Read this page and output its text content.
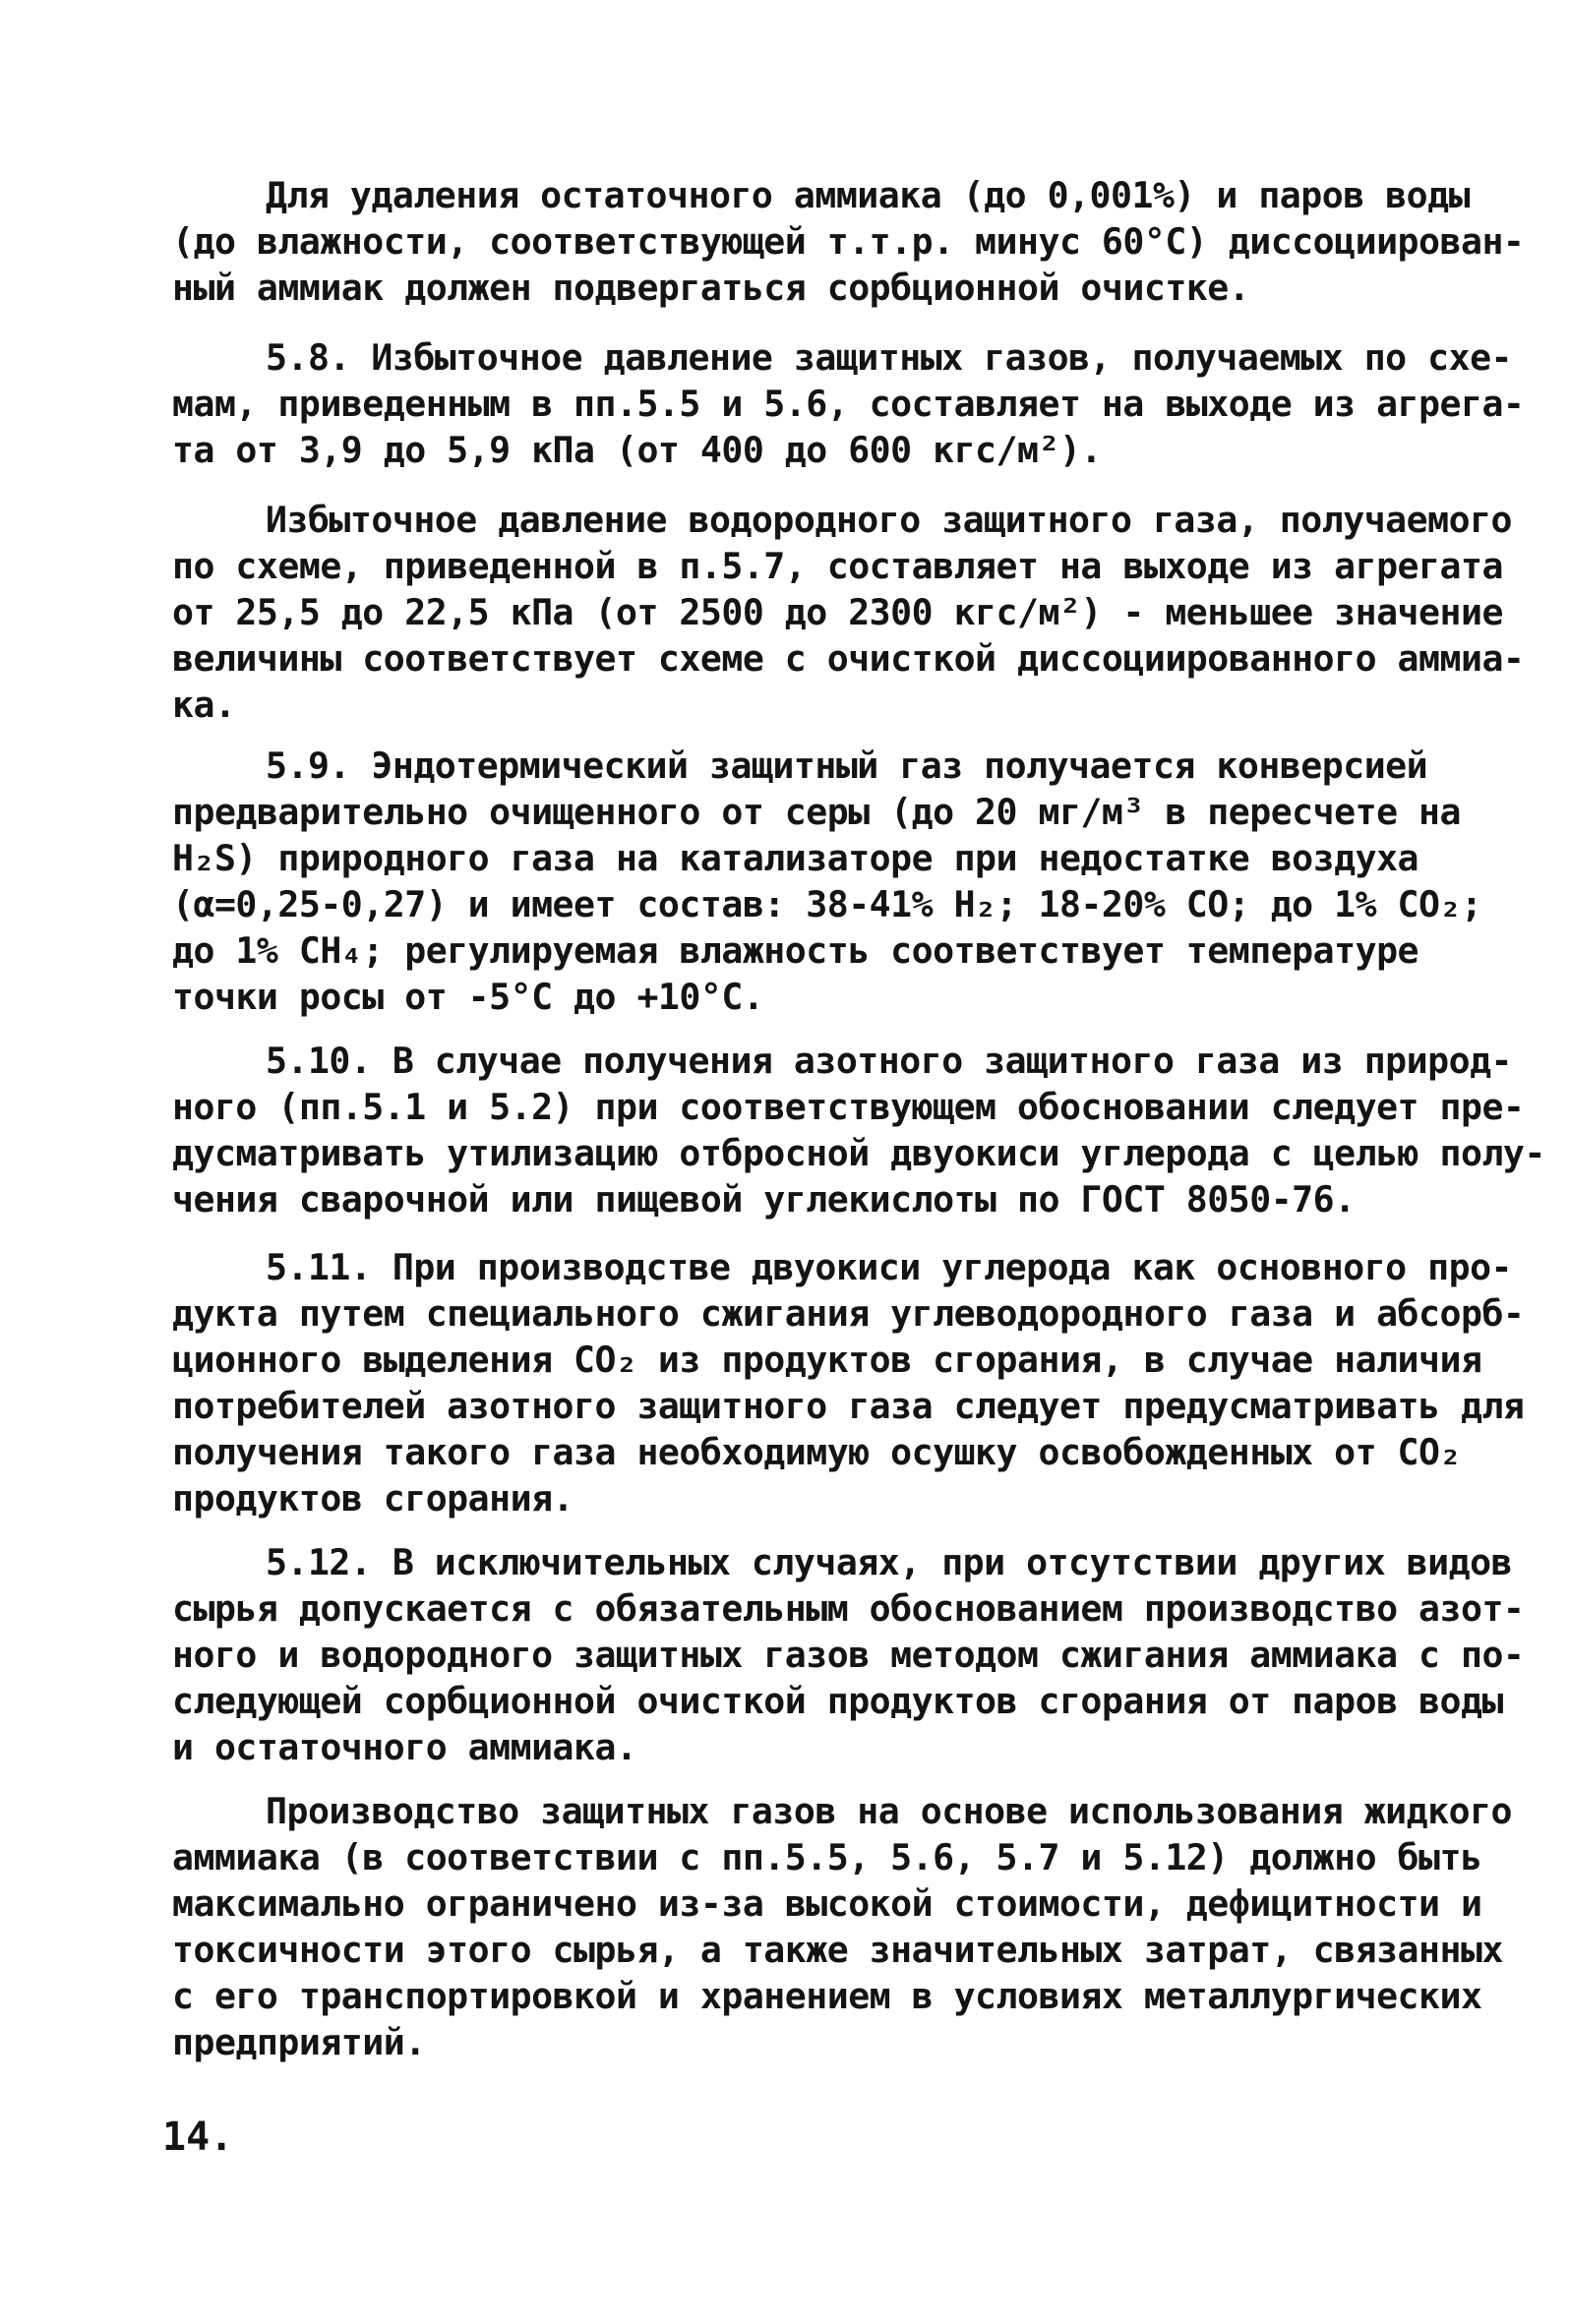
Для удаления остаточного аммиака (до 0,001%) и паров воды
(до влажности, соответствующей т.т.р. минус 60°С) диссоциирован-
ный аммиак должен подвергаться сорбционной очистке.
5.8. Избыточное давление защитных газов, получаемых по схе-
мам, приведенным в пп.5.5 и 5.6, составляет на выходе из агрега-
та от 3,9 до 5,9 кПа (от 400 до 600 кгс/м²).
Избыточное давление водородного защитного газа, получаемого
по схеме, приведенной в п.5.7, составляет на выходе из агрегата
от 25,5 до 22,5 кПа (от 2500 до 2300 кгс/м²) - меньшее значение
величины соответствует схеме с очисткой диссоциированного аммиа-
ка.
5.9. Эндотермический защитный газ получается конверсией
предварительно очищенного от серы (до 20 мг/м³ в пересчете на
H₂S) природного газа на катализаторе при недостатке воздуха
(α=0,25-0,27) и имеет состав: 38-41% H₂; 18-20% CO; до 1% CO₂;
до 1% CH₄; регулируемая влажность соответствует температуре
точки росы от -5°С до +10°С.
5.10. В случае получения азотного защитного газа из природ-
ного (пп.5.1 и 5.2) при соответствующем обосновании следует пре-
дусматривать утилизацию отбросной двуокиси углерода с целью полу-
чения сварочной или пищевой углекислоты по ГОСТ 8050-76.
5.11. При производстве двуокиси углерода как основного про-
дукта путем специального сжигания углеводородного газа и абсорб-
ционного выделения CO₂ из продуктов сгорания, в случае наличия
потребителей азотного защитного газа следует предусматривать для
получения такого газа необходимую осушку освобожденных от CO₂
продуктов сгорания.
5.12. В исключительных случаях, при отсутствии других видов
сырья допускается с обязательным обоснованием производство азот-
ного и водородного защитных газов методом сжигания аммиака с по-
следующей сорбционной очисткой продуктов сгорания от паров воды
и остаточного аммиака.
Производство защитных газов на основе использования жидкого
аммиака (в соответствии с пп.5.5, 5.6, 5.7 и 5.12) должно быть
максимально ограничено из-за высокой стоимости, дефицитности и
токсичности этого сырья, а также значительных затрат, связанных
с его транспортировкой и хранением в условиях металлургических
предприятий.
14.
